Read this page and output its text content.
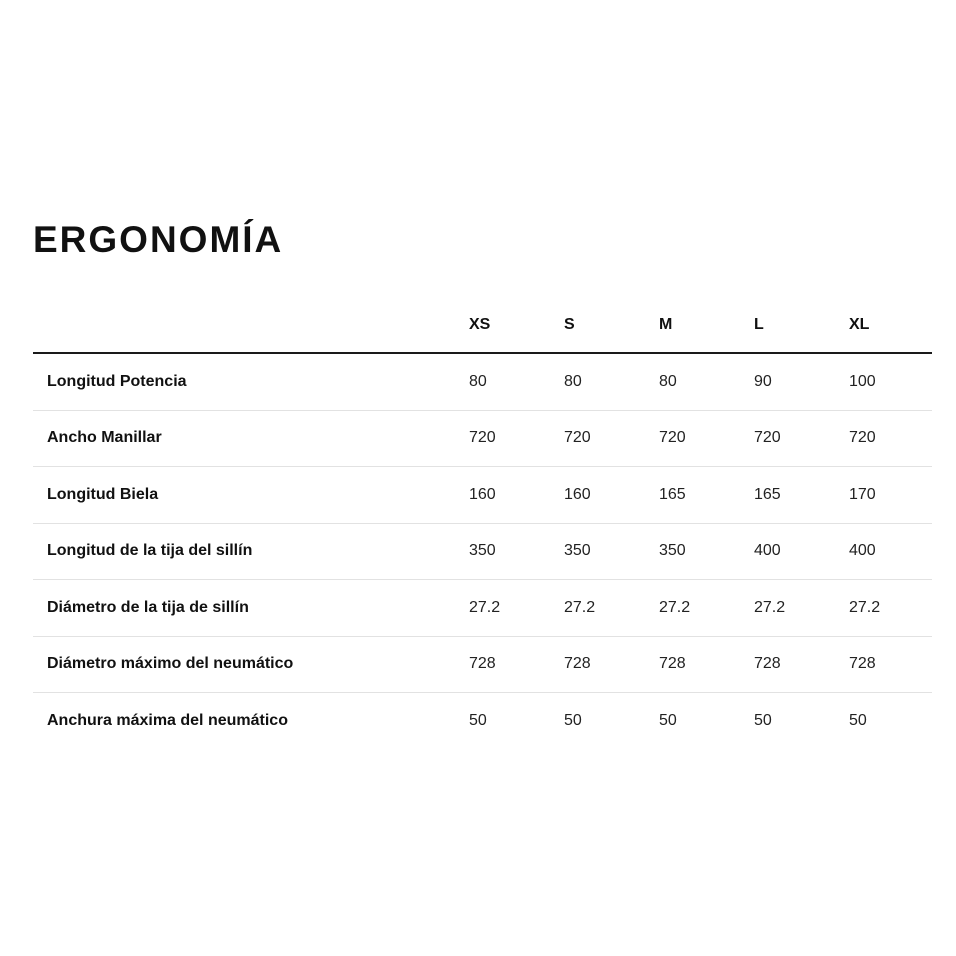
ERGONOMÍA
	XS	S	M	L	XL
Longitud Potencia	80	80	80	90	100
Ancho Manillar	720	720	720	720	720
Longitud Biela	160	160	165	165	170
Longitud de la tija del sillín	350	350	350	400	400
Diámetro de la tija de sillín	27.2	27.2	27.2	27.2	27.2
Diámetro máximo del neumático	728	728	728	728	728
Anchura máxima del neumático	50	50	50	50	50
